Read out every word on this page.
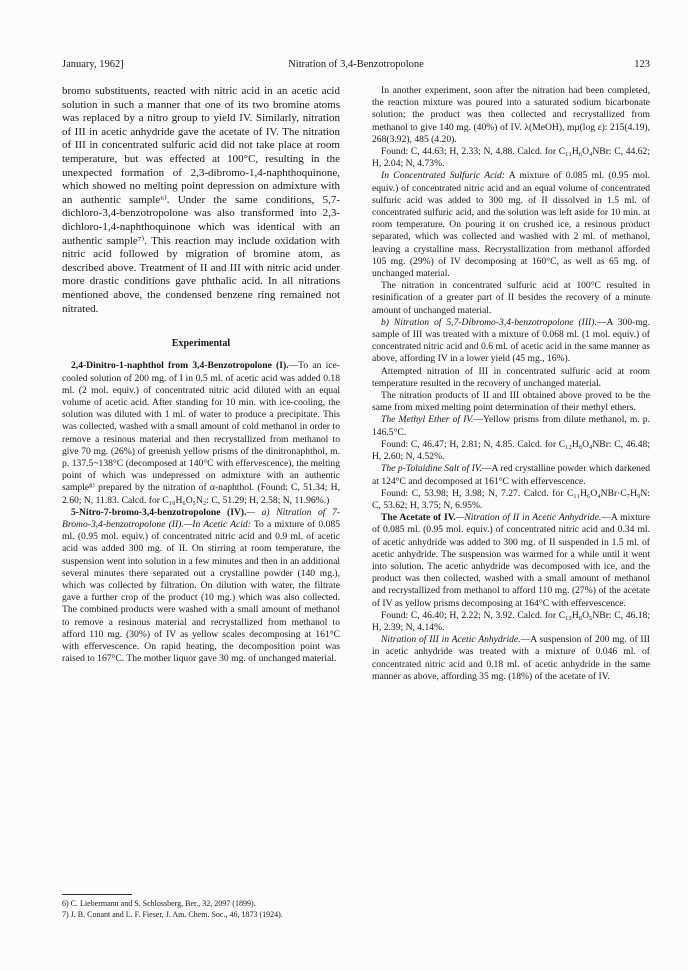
January, 1962]	Nitration of 3,4-Benzotropolone	123

bromo substituents, reacted with nitric acid in an acetic acid solution in such a manner that one of its two bromine atoms was replaced by a nitro group to yield IV. Similarly, nitration of III in acetic anhydride gave the acetate of IV. The nitration of III in concentrated sulfuric acid did not take place at room temperature, but was effected at 100°C, resulting in the unexpected formation of 2,3-dibromo-1,4-naphthoquinone, which showed no melting point depression on admixture with an authentic sample⁶⁾. Under the same conditions, 5,7-dichloro-3,4-benzotropolone was also transformed into 2,3-dichloro-1,4-naphthoquinone which was identical with an authentic sample⁷⁾. This reaction may include oxidation with nitric acid followed by migration of bromine atom, as described above. Treatment of II and III with nitric acid under more drastic conditions gave phthalic acid. In all nitrations mentioned above, the condensed benzene ring remained not nitrated.

Experimental

2,4-Dinitro-1-naphthol from 3,4-Benzotropolone (I).—To an ice-cooled solution of 200 mg. of I in 0.5 ml. of acetic acid was added 0.18 ml. (2 mol. equiv.) of concentrated nitric acid diluted with an equal volume of acetic acid. After standing for 10 min. with ice-cooling, the solution was diluted with 1 ml. of water to produce a precipitate. This was collected, washed with a small amount of cold methanol in order to remove a resinous material and then recrystallized from methanol to give 70 mg. (26%) of greenish yellow prisms of the dinitronaphthol, m. p. 137.5~138°C (decomposed at 140°C with effervescence), the melting point of which was undepressed on admixture with an authentic sample⁸⁾ prepared by the nitration of α-naphthol. (Found: C, 51.34; H, 2.60; N, 11.83. Calcd. for C₁₀H₆O₅N₂: C, 51.29; H, 2.58; N, 11.96%.)

5-Nitro-7-bromo-3,4-benzotropolone (IV).— a) Nitration of 7-Bromo-3,4-benzotropolone (II).—In Acetic Acid: To a mixture of 0.085 ml. (0.95 mol. equiv.) of concentrated nitric acid and 0.9 ml. of acetic acid was added 300 mg. of II. On stirring at room temperature, the suspension went into solution in a few minutes and then in an additional several minutes there separated out a crystalline powder (140 mg.), which was collected by filtration. On dilution with water, the filtrate gave a further crop of the product (10 mg.) which was also collected. The combined products were washed with a small amount of methanol to remove a resinous material and recrystallized from methanol to afford 110 mg. (30%) of IV as yellow scales decomposing at 161°C with effervescence. On rapid heating, the decomposition point was raised to 167°C. The mother liquor gave 30 mg. of unchanged material.

In another experiment, soon after the nitration had been completed, the reaction mixture was poured into a saturated sodium bicarbonate solution; the product was then collected and recrystallized from methanol to give 140 mg. (40%) of IV. λ(MeOH), mμ(log ε): 215(4.19), 268(3.92), 485 (4.20).

Found: C, 44.63; H, 2.33; N, 4.88. Calcd. for C₁₁H₆O₄NBr: C, 44.62; H, 2.04; N, 4.73%.

In Concentrated Sulfuric Acid: A mixture of 0.085 ml. (0.95 mol. equiv.) of concentrated nitric acid and an equal volume of concentrated sulfuric acid was added to 300 mg. of II dissolved in 1.5 ml. of concentrated sulfuric acid, and the solution was left aside for 10 min. at room temperature. On pouring it on crushed ice, a resinous product separated, which was collected and washed with 2 ml. of methanol, leaving a crystalline mass. Recrystallization from methanol afforded 105 mg. (29%) of IV decomposing at 160°C, as well as 65 mg. of unchanged material.

The nitration in concentrated sulfuric acid at 100°C resulted in resinification of a greater part of II besides the recovery of a minute amount of unchanged material.

b) Nitration of 5,7-Dibromo-3,4-benzotropolone (III).—A 300-mg. sample of III was treated with a mixture of 0.068 ml. (1 mol. equiv.) of concentrated nitric acid and 0.6 ml. of acetic acid in the same manner as above, affording IV in a lower yield (45 mg., 16%).

Attempted nitration of III in concentrated sulfuric acid at room temperature resulted in the recovery of unchanged material.

The nitration products of II and III obtained above proved to be the same from mixed melting point determination of their methyl ethers.

The Methyl Ether of IV.—Yellow prisms from dilute methanol, m. p. 146.5°C.

Found: C, 46.47; H, 2.81; N, 4.85. Calcd. for C₁₂H₈O₄NBr: C, 46.48; H, 2.60; N, 4.52%.

The p-Toluidine Salt of IV.—A red crystalline powder which darkened at 124°C and decomposed at 161°C with effervescence.

Found: C, 53.98; H, 3.98; N, 7.27. Calcd. for C₁₁H₆O₄NBr·C₇H₉N: C, 53.62; H, 3.75; N, 6.95%.

The Acetate of IV.—Nitration of II in Acetic Anhydride.—A mixture of 0.085 ml. (0.95 mol. equiv.) of concentrated nitric acid and 0.34 ml. of acetic anhydride was added to 300 mg. of II suspended in 1.5 ml. of acetic anhydride. The suspension was warmed for a while until it went into solution. The acetic anhydride was decomposed with ice, and the product was then collected, washed with a small amount of methanol and recrystallized from methanol to afford 110 mg. (27%) of the acetate of IV as yellow prisms decomposing at 164°C with effervescence.

Found: C, 46.40; H, 2.22; N, 3.92. Calcd. for C₁₃H₈O₅NBr: C, 46.18; H, 2.39; N, 4.14%.

Nitration of III in Acetic Anhydride.—A suspension of 200 mg. of III in acetic anhydride was treated with a mixture of 0.046 ml. of concentrated nitric acid and 0.18 ml. of acetic anhydride in the same manner as above, affording 35 mg. (18%) of the acetate of IV.

6) C. Liebermann and S. Schlossberg, Ber., 32, 2097 (1899).

7) J. B. Conant and L. F. Fieser, J. Am. Chem. Soc., 46, 1873 (1924).
